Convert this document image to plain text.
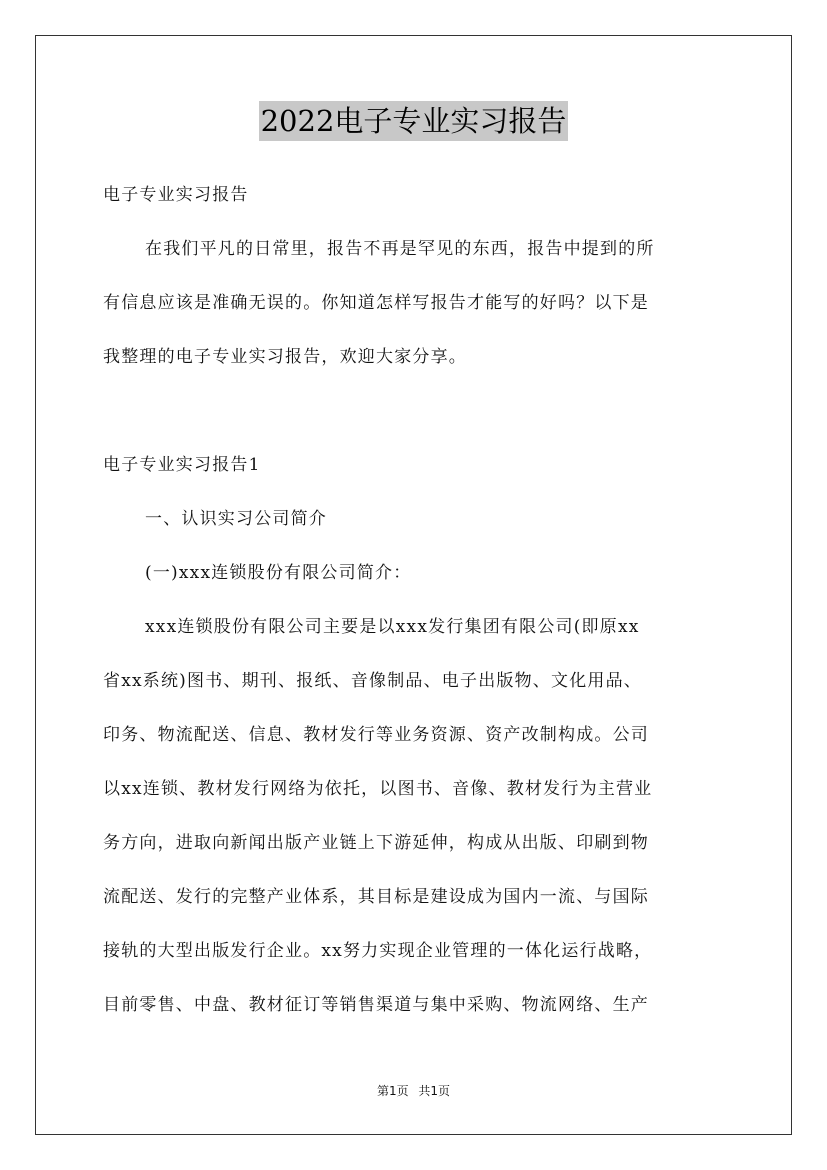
2022电子专业实习报告
电子专业实习报告
在我们平凡的日常里，报告不再是罕见的东西，报告中提到的所
有信息应该是准确无误的。你知道怎样写报告才能写的好吗？以下是
我整理的电子专业实习报告，欢迎大家分享。
电子专业实习报告1
一、认识实习公司简介
(一)xxx连锁股份有限公司简介：
xxx连锁股份有限公司主要是以xxx发行集团有限公司(即原xx
省xx系统)图书、期刊、报纸、音像制品、电子出版物、文化用品、
印务、物流配送、信息、教材发行等业务资源、资产改制构成。公司
以xx连锁、教材发行网络为依托，以图书、音像、教材发行为主营业
务方向，进取向新闻出版产业链上下游延伸，构成从出版、印刷到物
流配送、发行的完整产业体系，其目标是建设成为国内一流、与国际
接轨的大型出版发行企业。xx努力实现企业管理的一体化运行战略，
目前零售、中盘、教材征订等销售渠道与集中采购、物流网络、生产
第1页 共1页
